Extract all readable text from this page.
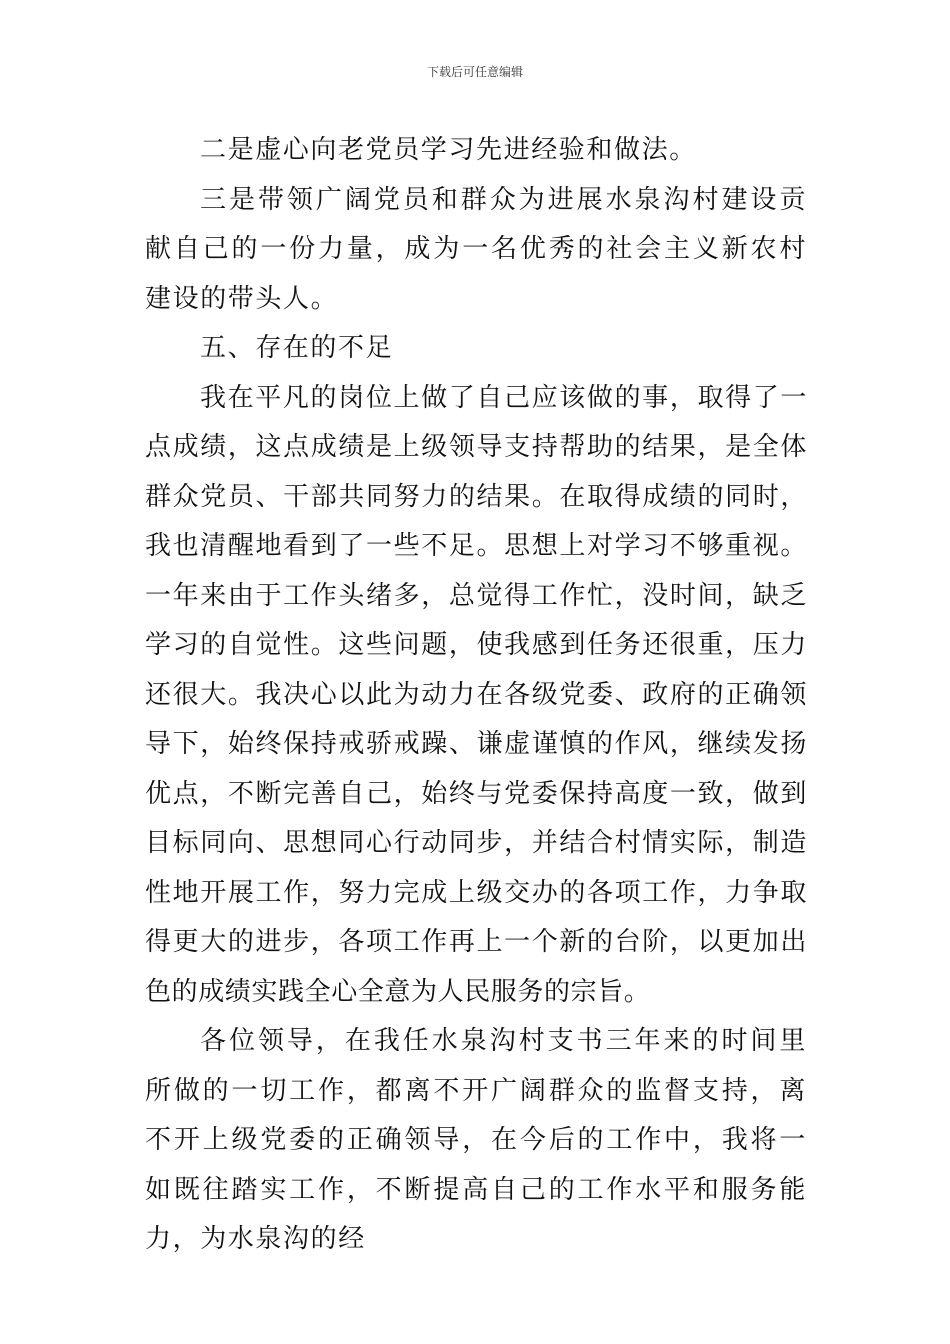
下载后可任意编辑

二是虚心向老党员学习先进经验和做法。

三是带领广阔党员和群众为进展水泉沟村建设贡献自己的一份力量，成为一名优秀的社会主义新农村建设的带头人。

五、存在的不足

我在平凡的岗位上做了自己应该做的事，取得了一点成绩，这点成绩是上级领导支持帮助的结果，是全体群众党员、干部共同努力的结果。在取得成绩的同时，我也清醒地看到了一些不足。思想上对学习不够重视。一年来由于工作头绪多，总觉得工作忙，没时间，缺乏学习的自觉性。这些问题，使我感到任务还很重，压力还很大。我决心以此为动力在各级党委、政府的正确领导下，始终保持戒骄戒躁、谦虚谨慎的作风，继续发扬优点，不断完善自己，始终与党委保持高度一致，做到目标同向、思想同心行动同步，并结合村情实际，制造性地开展工作，努力完成上级交办的各项工作，力争取得更大的进步，各项工作再上一个新的台阶，以更加出色的成绩实践全心全意为人民服务的宗旨。

各位领导，在我任水泉沟村支书三年来的时间里所做的一切工作，都离不开广阔群众的监督支持，离不开上级党委的正确领导，在今后的工作中，我将一如既往踏实工作，不断提高自己的工作水平和服务能力，为水泉沟的经
